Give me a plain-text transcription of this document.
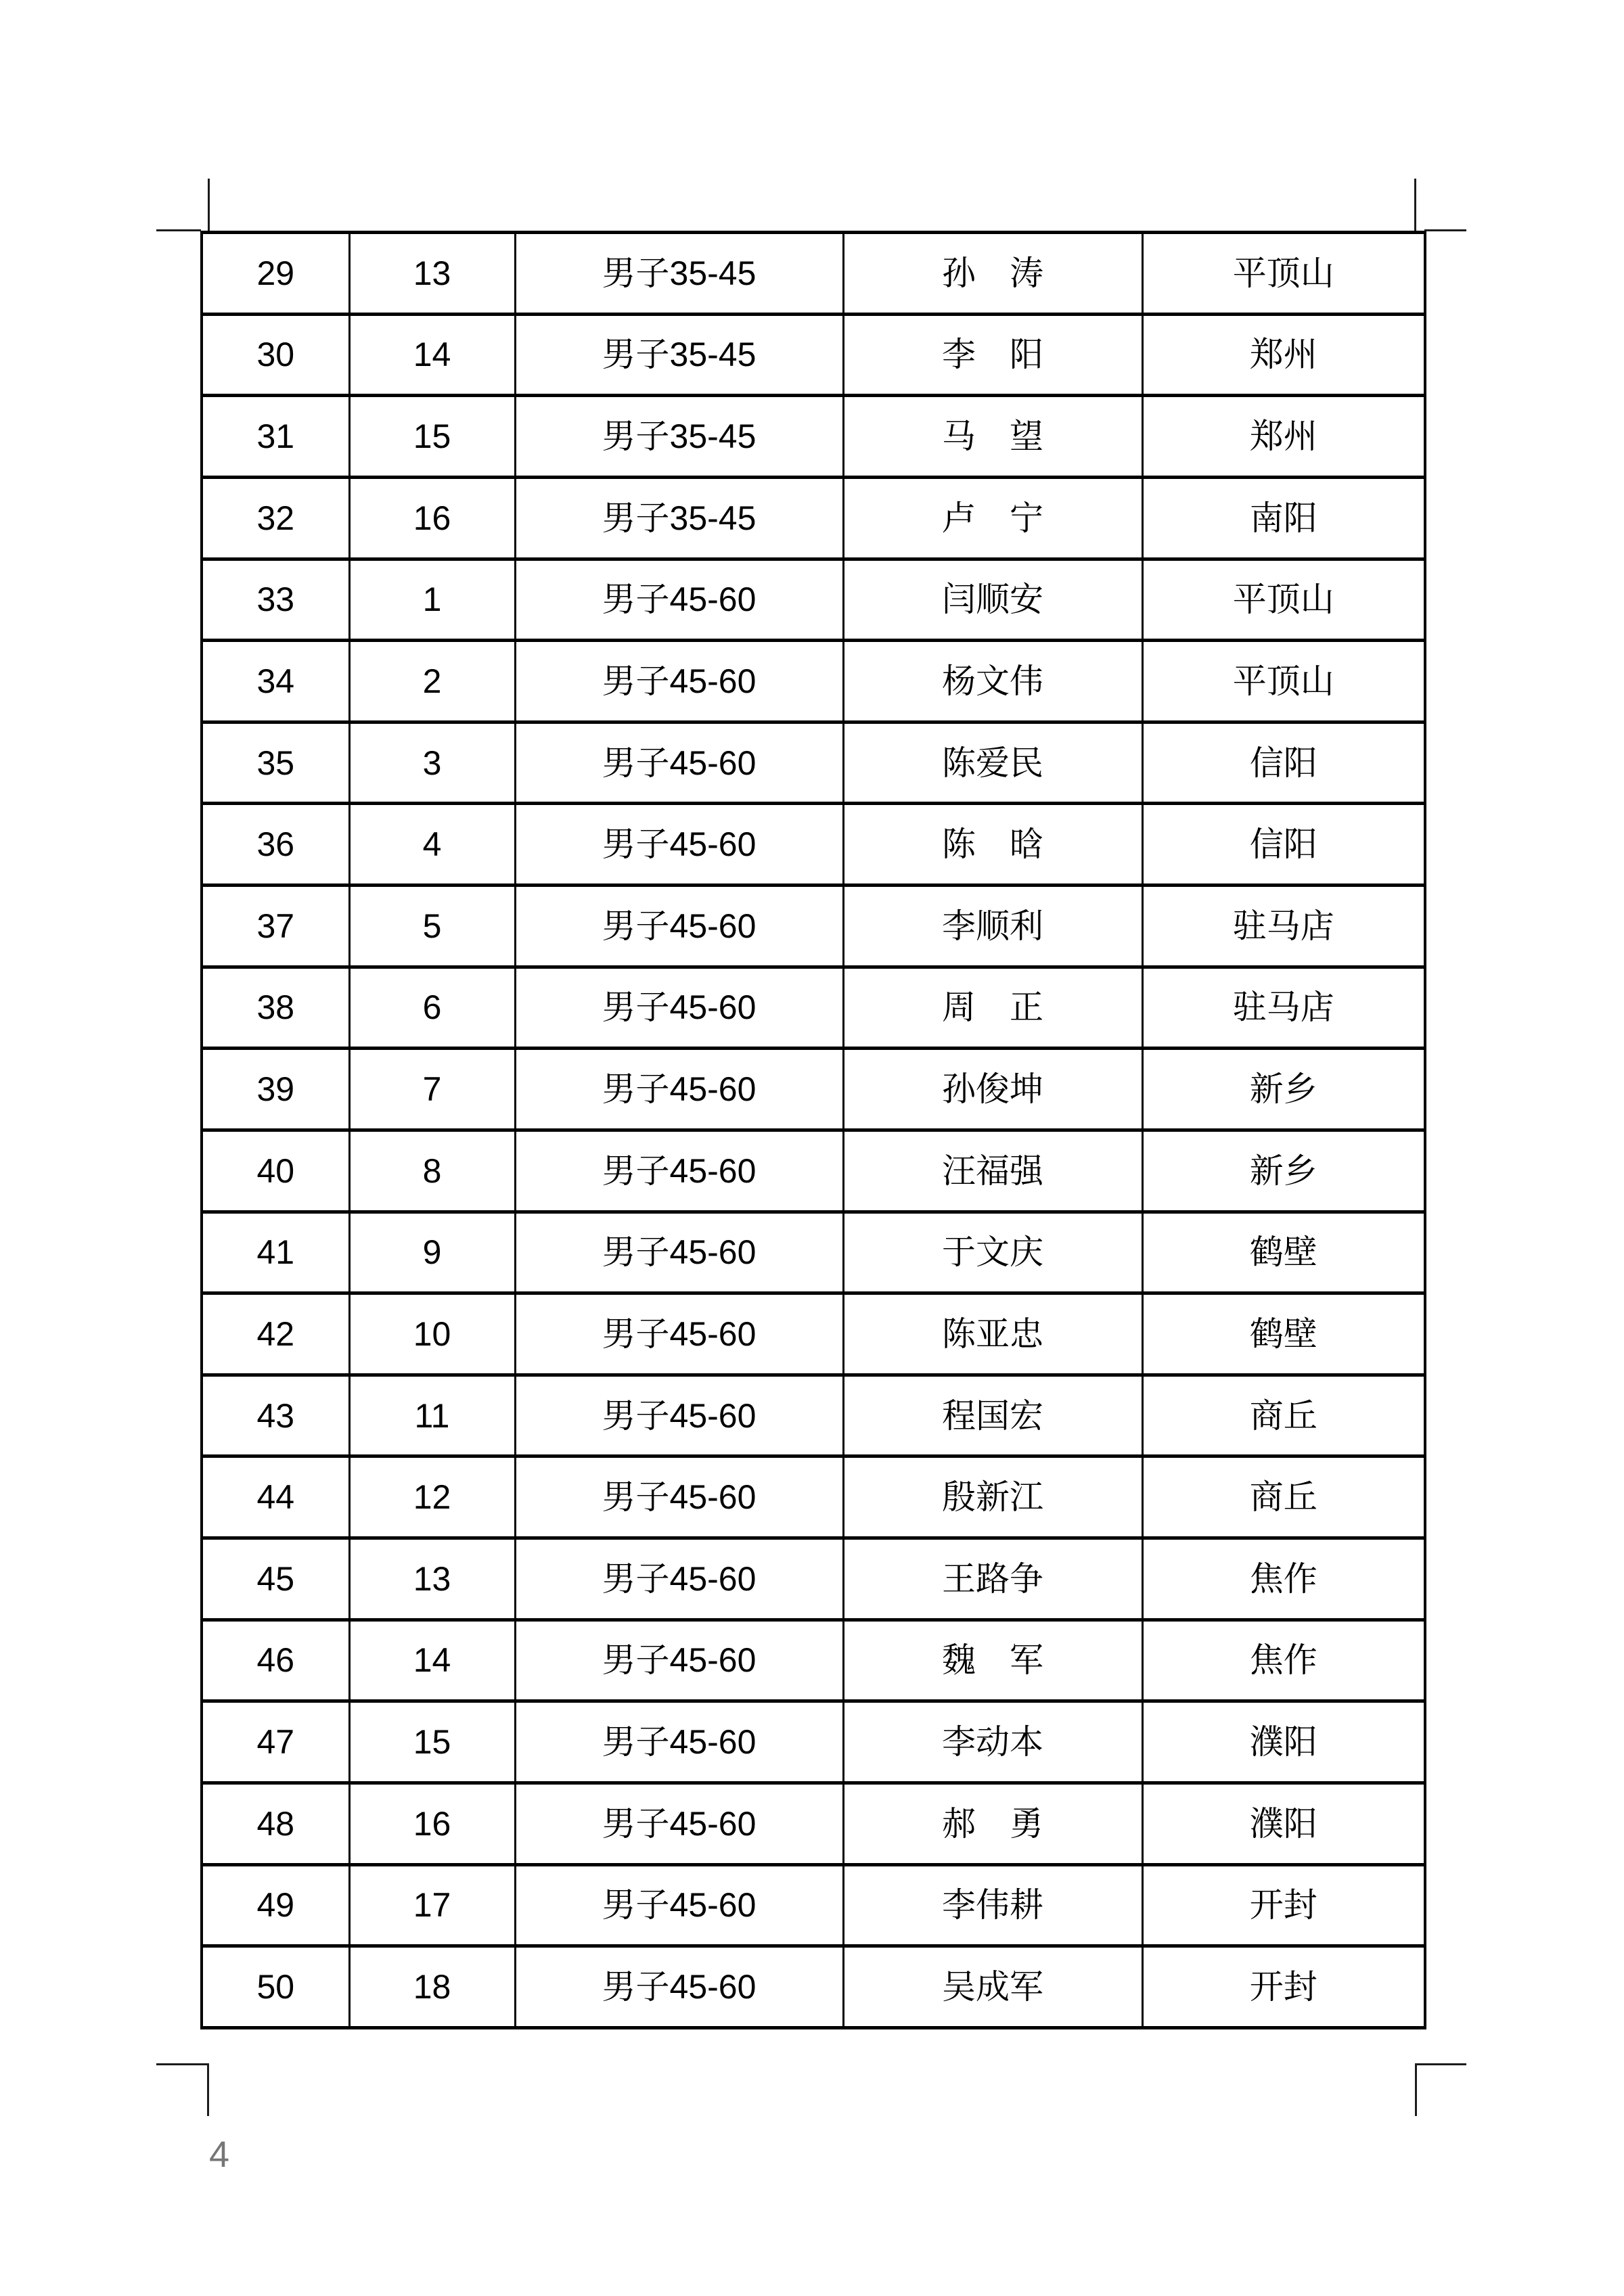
29	13	男子35-45	孙　涛	平顶山
30	14	男子35-45	李　阳	郑州
31	15	男子35-45	马　望	郑州
32	16	男子35-45	卢　宁	南阳
33	1	男子45-60	闫顺安	平顶山
34	2	男子45-60	杨文伟	平顶山
35	3	男子45-60	陈爱民	信阳
36	4	男子45-60	陈　晗	信阳
37	5	男子45-60	李顺利	驻马店
38	6	男子45-60	周　正	驻马店
39	7	男子45-60	孙俊坤	新乡
40	8	男子45-60	汪福强	新乡
41	9	男子45-60	于文庆	鹤壁
42	10	男子45-60	陈亚忠	鹤壁
43	11	男子45-60	程国宏	商丘
44	12	男子45-60	殷新江	商丘
45	13	男子45-60	王路争	焦作
46	14	男子45-60	魏　军	焦作
47	15	男子45-60	李动本	濮阳
48	16	男子45-60	郝　勇	濮阳
49	17	男子45-60	李伟耕	开封
50	18	男子45-60	吴成军	开封
4
